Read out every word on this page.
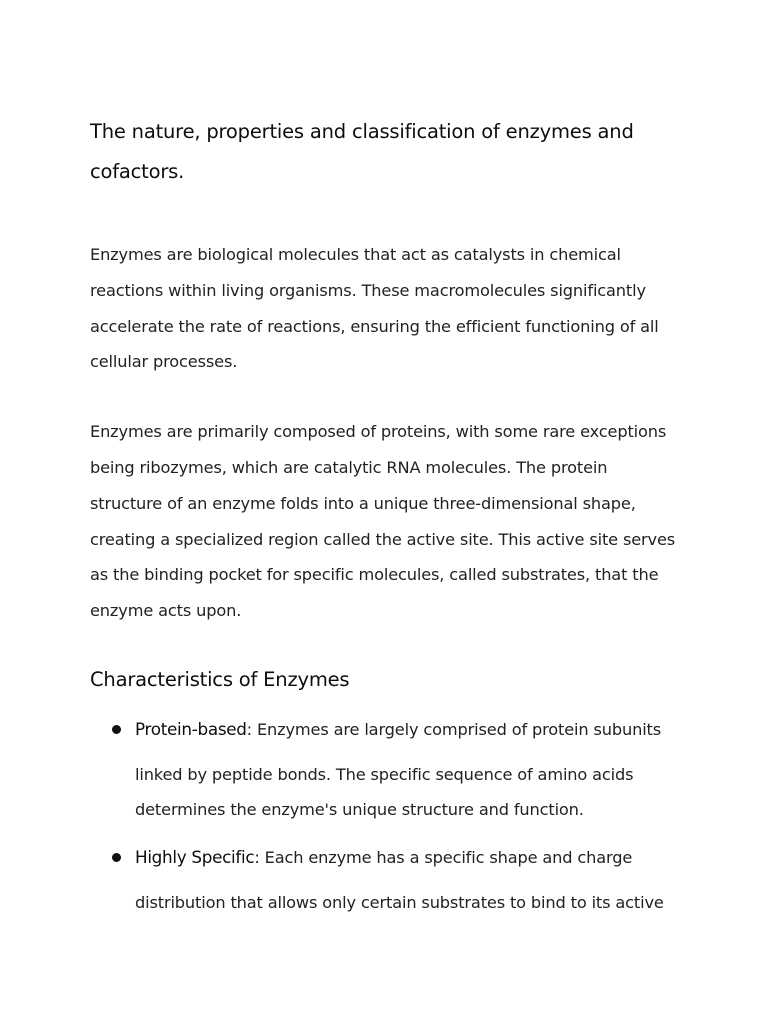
The nature, properties and classification of enzymes and
cofactors.

Enzymes are biological molecules that act as catalysts in chemical
reactions within living organisms. These macromolecules significantly
accelerate the rate of reactions, ensuring the efficient functioning of all
cellular processes.

Enzymes are primarily composed of proteins, with some rare exceptions
being ribozymes, which are catalytic RNA molecules. The protein
structure of an enzyme folds into a unique three-dimensional shape,
creating a specialized region called the active site. This active site serves
as the binding pocket for specific molecules, called substrates, that the
enzyme acts upon.

Characteristics of Enzymes
Protein-based: Enzymes are largely comprised of protein subunits
linked by peptide bonds. The specific sequence of amino acids
determines the enzyme's unique structure and function.
Highly Specific: Each enzyme has a specific shape and charge
distribution that allows only certain substrates to bind to its active
